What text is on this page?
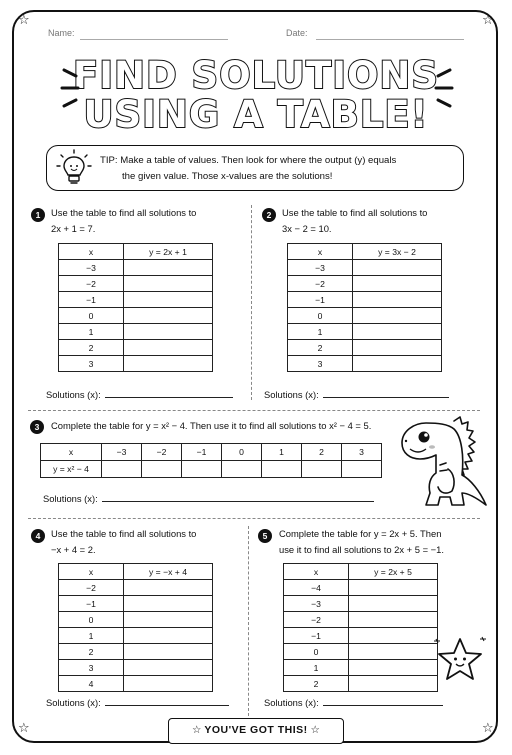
☆	☆
☆	☆
Name:	Date:
FIND SOLUTIONS
USING A TABLE!
TIP: Make a table of values. Then look for where the output (y) equals
the given value. Those x-values are the solutions!
1	Use the table to find all solutions to
2x + 1 = 7.
x	y = 2x + 1
−3	
−2	
−1	
0	
1	
2	
3	
Solutions (x):
2	Use the table to find all solutions to
3x − 2 = 10.
x	y = 3x − 2
−3	
−2	
−1	
0	
1	
2	
3	
Solutions (x):
3	Complete the table for y = x² − 4. Then use it to find all solutions to x² − 4 = 5.
x	−3	−2	−1	0	1	2	3
y = x² − 4							
Solutions (x):
4	Use the table to find all solutions to
−x + 4 = 2.
x	y = −x + 4
−2	
−1	
0	
1	
2	
3	
4	
Solutions (x):
5	Complete the table for y = 2x + 5. Then
use it to find all solutions to 2x + 5 = −1.
x	y = 2x + 5
−4	
−3	
−2	
−1	
0	
1	
2	
Solutions (x):
☆ YOU'VE GOT THIS! ☆
